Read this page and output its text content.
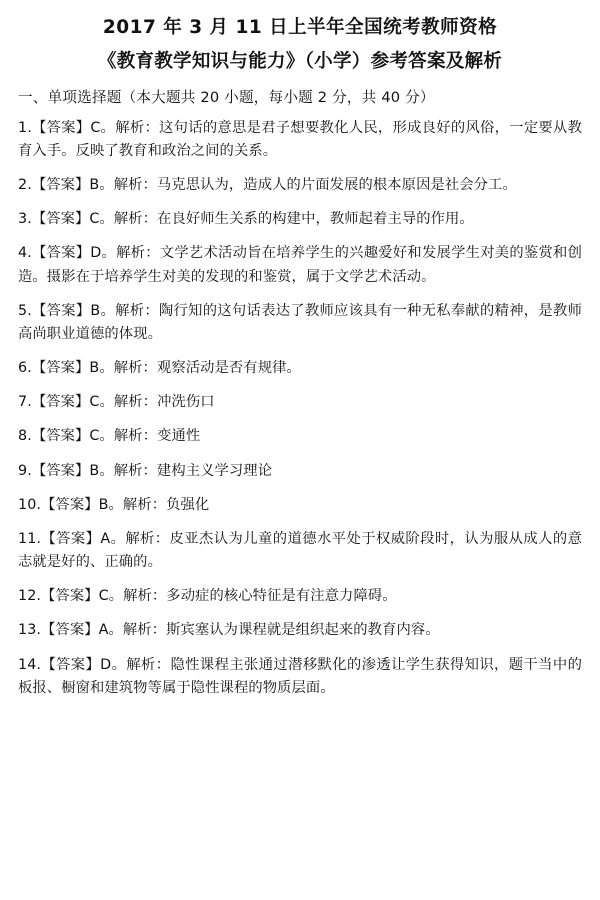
2017 年 3 月 11 日上半年全国统考教师资格
《教育教学知识与能力》（小学）参考答案及解析
一、单项选择题（本大题共 20 小题，每小题 2 分，共 40 分）

1.【答案】C。解析：这句话的意思是君子想要教化人民，形成良好的风俗，一定要从教育入手。反映了教育和政治之间的关系。

2.【答案】B。解析：马克思认为，造成人的片面发展的根本原因是社会分工。

3.【答案】C。解析：在良好师生关系的构建中，教师起着主导的作用。

4.【答案】D。解析：文学艺术活动旨在培养学生的兴趣爱好和发展学生对美的鉴赏和创造。摄影在于培养学生对美的发现的和鉴赏，属于文学艺术活动。

5.【答案】B。解析：陶行知的这句话表达了教师应该具有一种无私奉献的精神，是教师高尚职业道德的体现。

6.【答案】B。解析：观察活动是否有规律。

7.【答案】C。解析：冲洗伤口

8.【答案】C。解析：变通性

9.【答案】B。解析：建构主义学习理论

10.【答案】B。解析：负强化

11.【答案】A。解析：皮亚杰认为儿童的道德水平处于权威阶段时，认为服从成人的意志就是好的、正确的。

12.【答案】C。解析：多动症的核心特征是有注意力障碍。

13.【答案】A。解析：斯宾塞认为课程就是组织起来的教育内容。

14.【答案】D。解析：隐性课程主张通过潜移默化的渗透让学生获得知识，题干当中的板报、橱窗和建筑物等属于隐性课程的物质层面。
